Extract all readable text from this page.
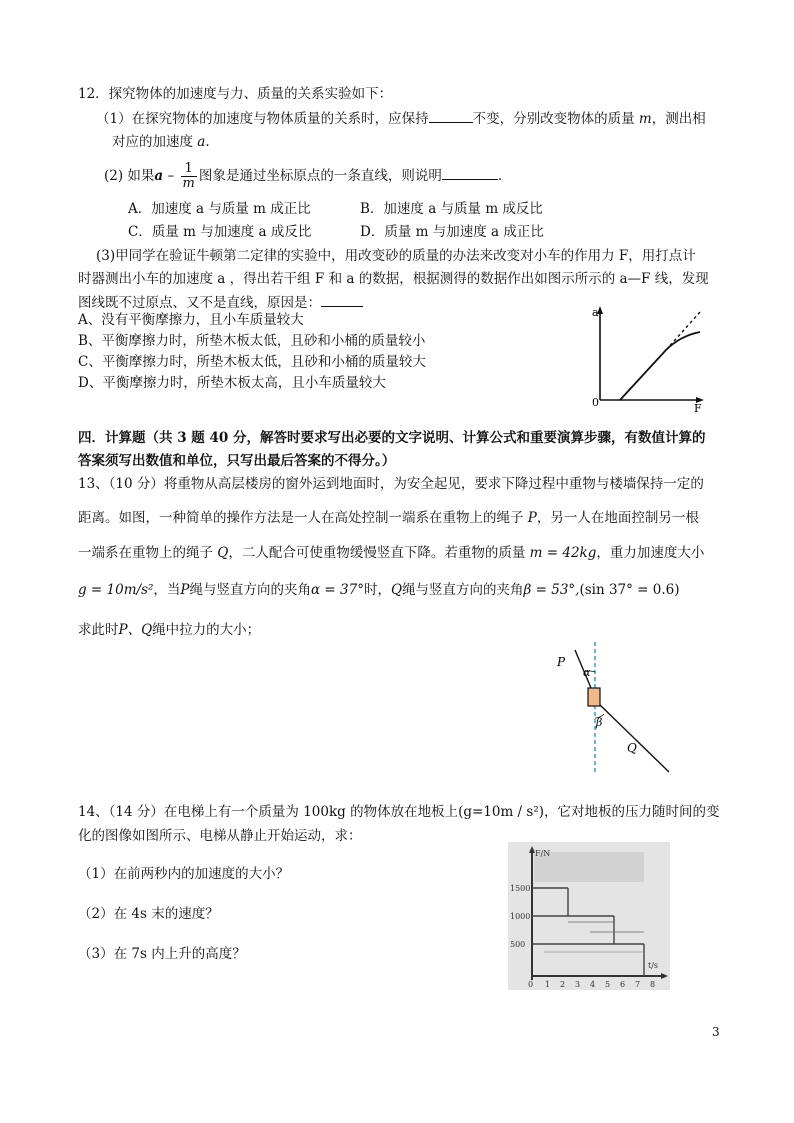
12．探究物体的加速度与力、质量的关系实验如下：
（1）在探究物体的加速度与物体质量的关系时，应保持	不变，分别改变物体的质量 m，测出相
对应的加速度 a.
(2) 如果a – $\frac{1}{m}$ 图象是通过坐标原点的一条直线，则说明	.
A．加速度 a 与质量 m 成正比	B．加速度 a 与质量 m 成反比
C．质量 m 与加速度 a 成反比	D．质量 m 与加速度 a 成正比
(3)甲同学在验证牛顿第二定律的实验中，用改变砂的质量的办法来改变对小车的作用力 F，用打点计
时器测出小车的加速度 a ，得出若干组 F 和 a 的数据，根据测得的数据作出如图示所示的 a—F 线，发现
图线既不过原点、又不是直线，原因是：
A、没有平衡摩擦力，且小车质量较大
B、平衡摩擦力时，所垫木板太低，且砂和小桶的质量较小
C、平衡摩擦力时，所垫木板太低，且砂和小桶的质量较大
D、平衡摩擦力时，所垫木板太高，且小车质量较大
a
F
0
四．计算题（共 3 题 40 分，解答时要求写出必要的文字说明、计算公式和重要演算步骤，有数值计算的
答案须写出数值和单位，只写出最后答案的不得分。）
13、（10 分）将重物从高层楼房的窗外运到地面时，为安全起见，要求下降过程中重物与楼墙保持一定的
距离。如图，一种简单的操作方法是一人在高处控制一端系在重物上的绳子 P，另一人在地面控制另一根
一端系在重物上的绳子 Q，二人配合可使重物缓慢竖直下降。若重物的质量 m = 42kg，重力加速度大小
g = 10m/s²，当P绳与竖直方向的夹角α = 37°时，Q绳与竖直方向的夹角β = 53°,(sin 37° = 0.6)
求此时P、Q绳中拉力的大小；
P
α
β
Q
14、（14 分）在电梯上有一个质量为 100kg 的物体放在地板上(g=10m / s²)，它对地板的压力随时间的变
化的图像如图所示、电梯从静止开始运动，求：
（1）在前两秒内的加速度的大小？
（2）在 4s 末的速度？
（3）在 7s 内上升的高度？
F/N
t/s
1500
1000
500
0 1 2 3 4 5 6 7 8
3
